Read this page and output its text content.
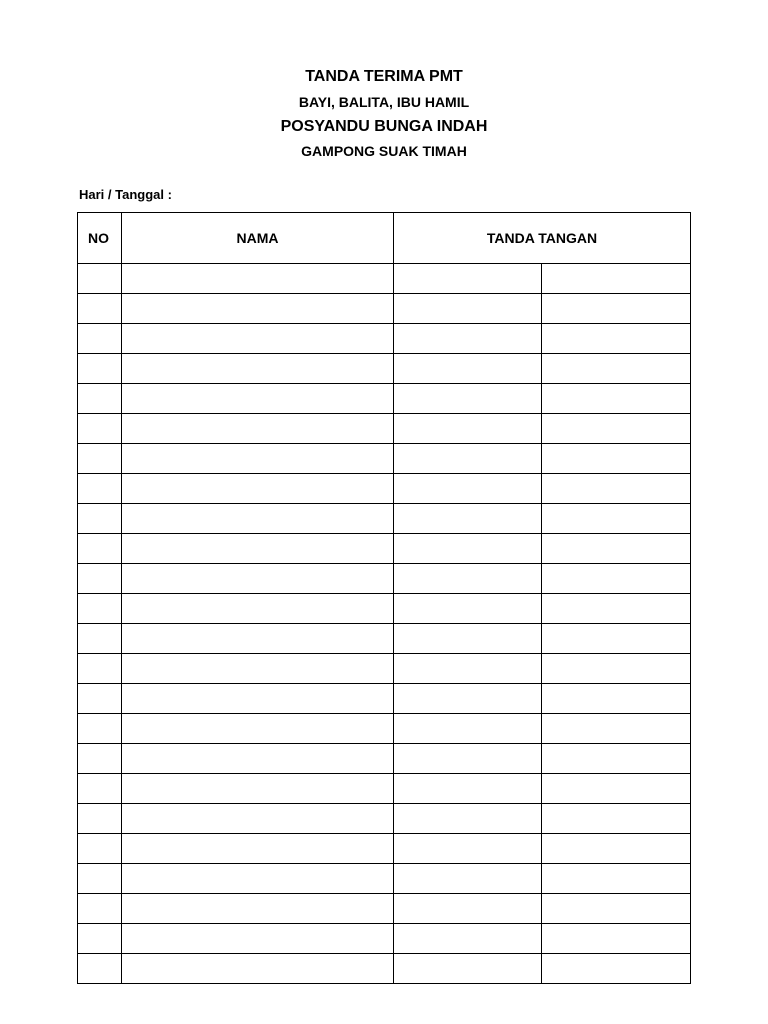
TANDA TERIMA PMT
BAYI, BALITA, IBU HAMIL
POSYANDU BUNGA INDAH
GAMPONG SUAK TIMAH
Hari / Tanggal :
NO	NAMA	TANDA TANGAN	
